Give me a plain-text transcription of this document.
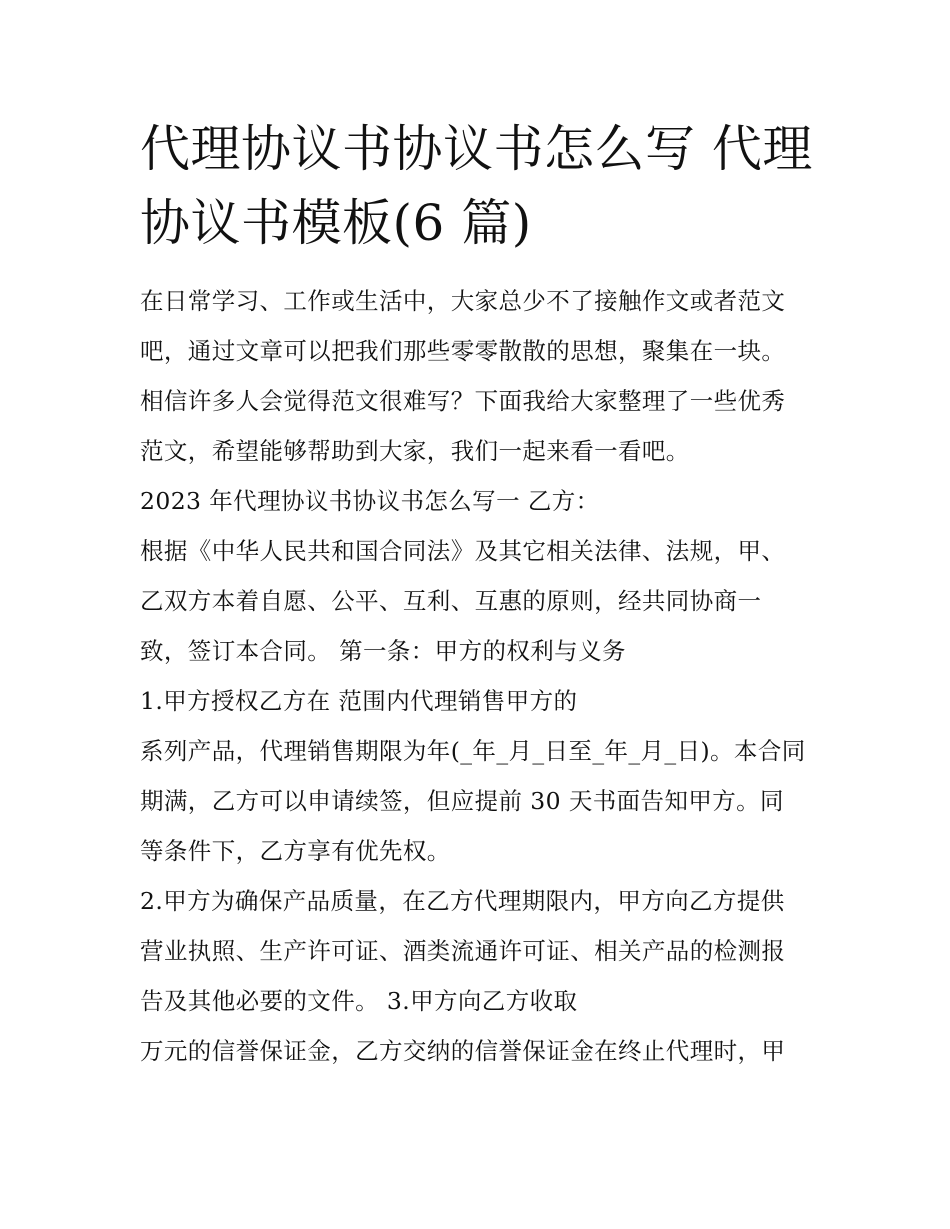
代理协议书协议书怎么写 代理
协议书模板(6 篇)
在日常学习、工作或生活中，大家总少不了接触作文或者范文
吧，通过文章可以把我们那些零零散散的思想，聚集在一块。
相信许多人会觉得范文很难写？下面我给大家整理了一些优秀
范文，希望能够帮助到大家，我们一起来看一看吧。
2023 年代理协议书协议书怎么写一 乙方：
根据《中华人民共和国合同法》及其它相关法律、法规，甲、
乙双方本着自愿、公平、互利、互惠的原则，经共同协商一
致，签订本合同。 第一条：甲方的权利与义务
1.甲方授权乙方在 范围内代理销售甲方的
系列产品，代理销售期限为年(_年_月_日至_年_月_日)。本合同
期满，乙方可以申请续签，但应提前 30 天书面告知甲方。同
等条件下，乙方享有优先权。
2.甲方为确保产品质量，在乙方代理期限内，甲方向乙方提供
营业执照、生产许可证、酒类流通许可证、相关产品的检测报
告及其他必要的文件。 3.甲方向乙方收取
万元的信誉保证金，乙方交纳的信誉保证金在终止代理时，甲
